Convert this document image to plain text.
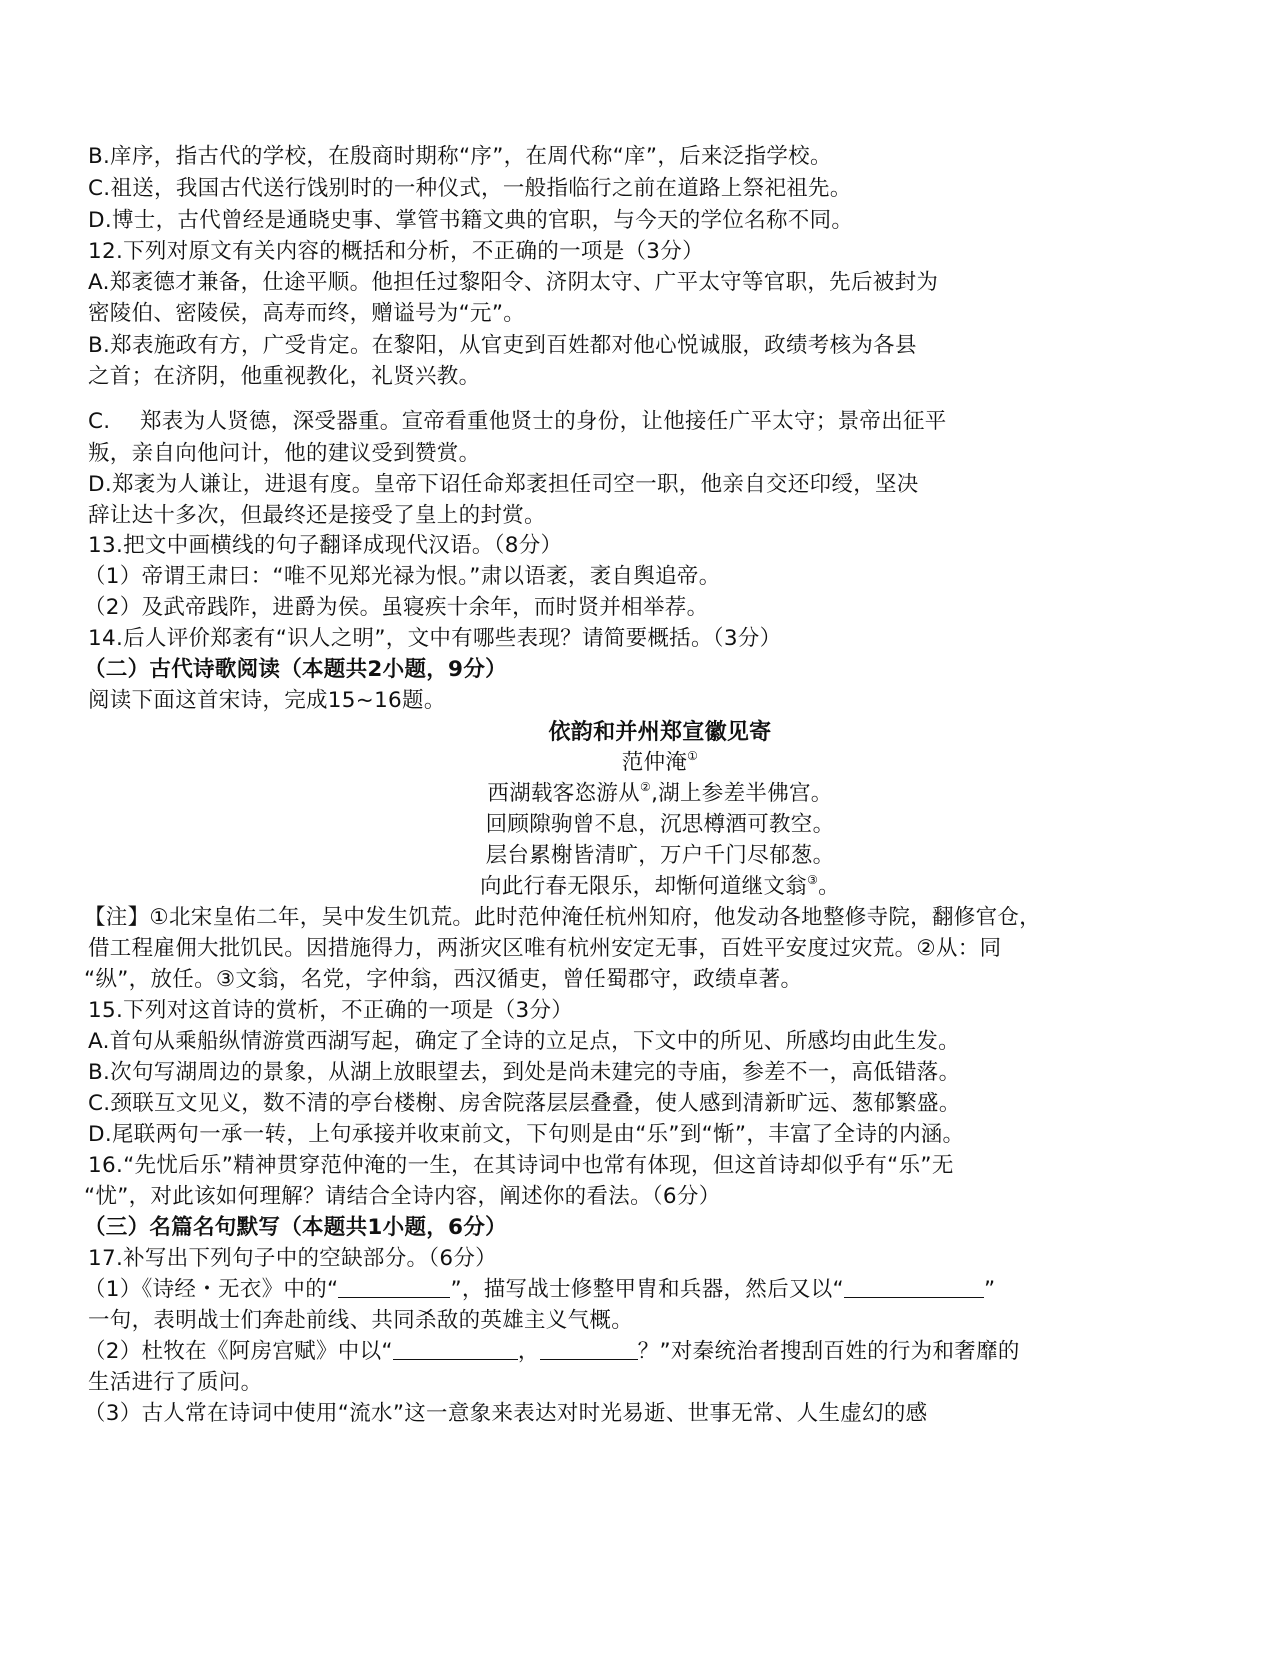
B.庠序，指古代的学校，在殷商时期称“序”，在周代称“庠”，后来泛指学校。
C.祖送，我国古代送行饯别时的一种仪式，一般指临行之前在道路上祭祀祖先。
D.博士，古代曾经是通晓史事、掌管书籍文典的官职，与今天的学位名称不同。
12.下列对原文有关内容的概括和分析，不正确的一项是（3分）
A.郑袤德才兼备，仕途平顺。他担任过黎阳令、济阴太守、广平太守等官职，先后被封为
密陵伯、密陵侯，高寿而终，赠谥号为“元”。
B.郑表施政有方，广受肯定。在黎阳，从官吏到百姓都对他心悦诚服，政绩考核为各县
之首；在济阴，他重视教化，礼贤兴教。
C. 郑表为人贤德，深受器重。宣帝看重他贤士的身份，让他接任广平太守；景帝出征平
叛，亲自向他问计，他的建议受到赞赏。
D.郑袤为人谦让，进退有度。皇帝下诏任命郑袤担任司空一职，他亲自交还印绶，坚决
辞让达十多次，但最终还是接受了皇上的封赏。
13.把文中画横线的句子翻译成现代汉语。（8分）
（1）帝谓王肃曰：“唯不见郑光禄为恨。”肃以语袤，袤自舆追帝。
（2）及武帝践阼，进爵为侯。虽寝疾十余年，而时贤并相举荐。
14.后人评价郑袤有“识人之明”，文中有哪些表现？请简要概括。（3分）
（二）古代诗歌阅读（本题共2小题，9分）
阅读下面这首宋诗，完成15~16题。
依韵和并州郑宣徽见寄
范仲淹①
西湖载客恣游从②,湖上参差半佛宫。
回顾隙驹曾不息，沉思樽酒可教空。
层台累榭皆清旷，万户千门尽郁葱。
向此行春无限乐，却惭何道继文翁③。
【注】①北宋皇佑二年，吴中发生饥荒。此时范仲淹任杭州知府，他发动各地整修寺院，翻修官仓，
借工程雇佣大批饥民。因措施得力，两浙灾区唯有杭州安定无事，百姓平安度过灾荒。②从：同
“纵”，放任。③文翁，名党，字仲翁，西汉循吏，曾任蜀郡守，政绩卓著。
15.下列对这首诗的赏析，不正确的一项是（3分）
A.首句从乘船纵情游赏西湖写起，确定了全诗的立足点，下文中的所见、所感均由此生发。
B.次句写湖周边的景象，从湖上放眼望去，到处是尚未建完的寺庙，参差不一，高低错落。
C.颈联互文见义，数不清的亭台楼榭、房舍院落层层叠叠，使人感到清新旷远、葱郁繁盛。
D.尾联两句一承一转，上句承接并收束前文，下句则是由“乐”到“惭”，丰富了全诗的内涵。
16.“先忧后乐”精神贯穿范仲淹的一生，在其诗词中也常有体现，但这首诗却似乎有“乐”无
“忧”，对此该如何理解？请结合全诗内容，阐述你的看法。（6分）
（三）名篇名句默写（本题共1小题，6分）
17.补写出下列句子中的空缺部分。（6分）
（1）《诗经・无衣》中的“	”，描写战士修整甲胄和兵器，然后又以“	”
一句，表明战士们奔赴前线、共同杀敌的英雄主义气概。
（2）杜牧在《阿房宫赋》中以“	，	？”对秦统治者搜刮百姓的行为和奢靡的
生活进行了质问。
（3）古人常在诗词中使用“流水”这一意象来表达对时光易逝、世事无常、人生虚幻的感
